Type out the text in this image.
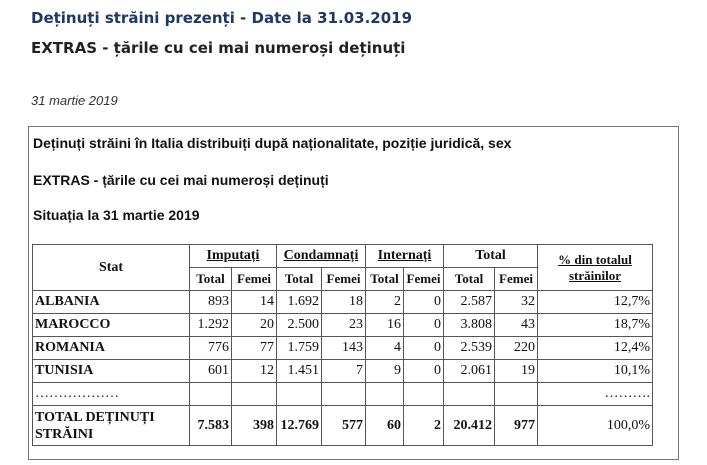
Deținuți străini prezenți - Date la 31.03.2019
EXTRAS - țările cu cei mai numeroși deținuți
31 martie 2019
Deținuți străini în Italia distribuiți după naționalitate, poziție juridică, sex
EXTRAS - țările cu cei mai numeroși deținuți
Situația la 31 martie 2019
Stat	Imputați		Condamnați		Internați		Total		% din totalul străinilor
	Total	Femei	Total	Femei	Total	Femei	Total	Femei	
ALBANIA	893	14	1.692	18	2	0	2.587	32	12,7%
MAROCCO	1.292	20	2.500	23	16	0	3.808	43	18,7%
ROMANIA	776	77	1.759	143	4	0	2.539	220	12,4%
TUNISIA	601	12	1.451	7	9	0	2.061	19	10,1%
………………									……….
TOTAL DEȚINUȚI STRĂINI	7.583	398	12.769	577	60	2	20.412	977	100,0%
